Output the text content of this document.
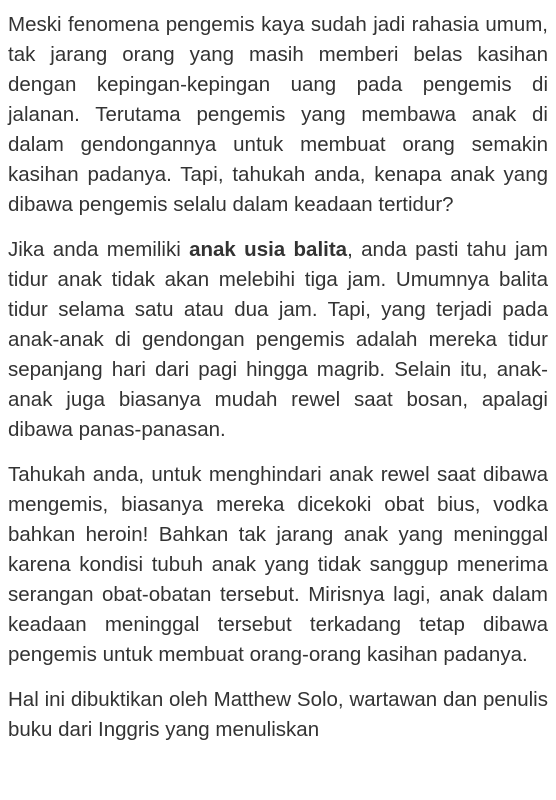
Meski fenomena pengemis kaya sudah jadi rahasia umum, tak jarang orang yang masih memberi belas kasihan dengan kepingan-kepingan uang pada pengemis di jalanan. Terutama pengemis yang membawa anak di dalam gendongannya untuk membuat orang semakin kasihan padanya. Tapi, tahukah anda, kenapa anak yang dibawa pengemis selalu dalam keadaan tertidur?

Jika anda memiliki anak usia balita, anda pasti tahu jam tidur anak tidak akan melebihi tiga jam. Umumnya balita tidur selama satu atau dua jam. Tapi, yang terjadi pada anak-anak di gendongan pengemis adalah mereka tidur sepanjang hari dari pagi hingga magrib. Selain itu, anak-anak juga biasanya mudah rewel saat bosan, apalagi dibawa panas-panasan.

Tahukah anda, untuk menghindari anak rewel saat dibawa mengemis, biasanya mereka dicekoki obat bius, vodka bahkan heroin! Bahkan tak jarang anak yang meninggal karena kondisi tubuh anak yang tidak sanggup menerima serangan obat-obatan tersebut. Mirisnya lagi, anak dalam keadaan meninggal tersebut terkadang tetap dibawa pengemis untuk membuat orang-orang kasihan padanya.

Hal ini dibuktikan oleh Matthew Solo, wartawan dan penulis buku dari Inggris yang menuliskan
